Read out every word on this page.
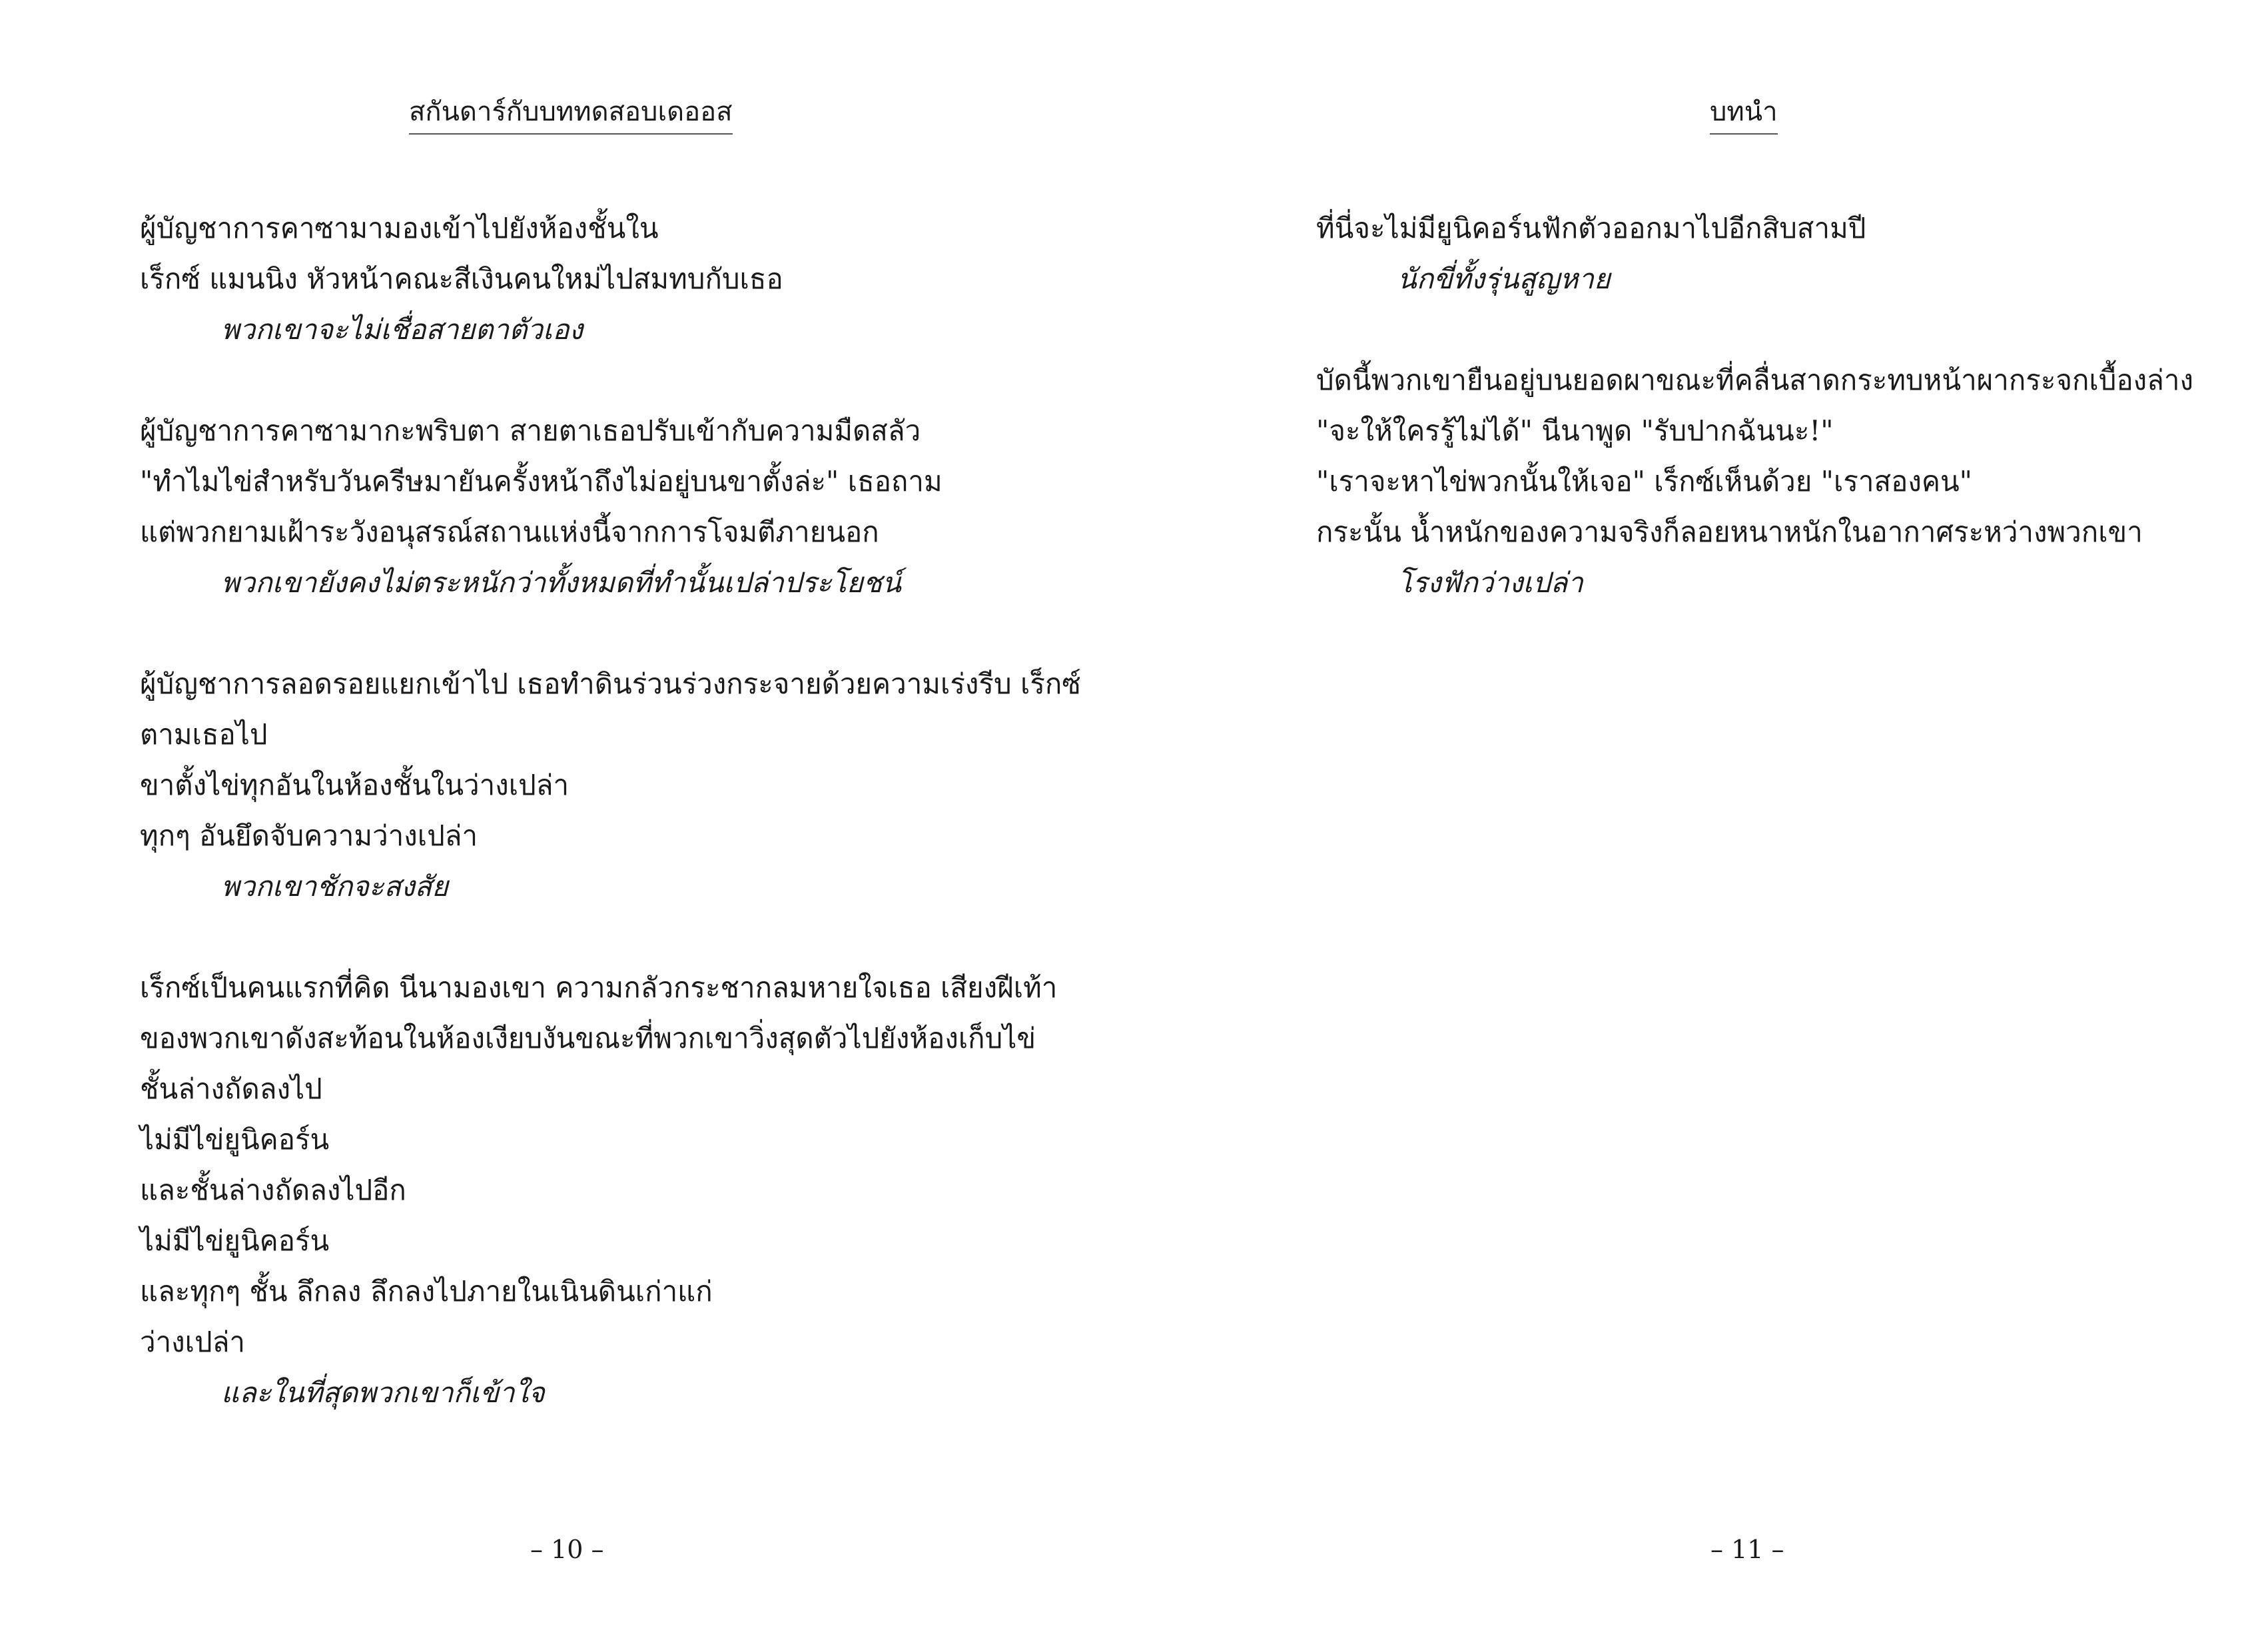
สกันดาร์กับบททดสอบเดออส
ผู้บัญชาการคาซามามองเข้าไปยังห้องชั้นใน
เร็กซ์ แมนนิง หัวหน้าคณะสีเงินคนใหม่ไปสมทบกับเธอ
พวกเขาจะไม่เชื่อสายตาตัวเอง
ผู้บัญชาการคาซามากะพริบตา สายตาเธอปรับเข้ากับความมืดสลัว
"ทำไมไข่สำหรับวันครีษมายันครั้งหน้าถึงไม่อยู่บนขาตั้งล่ะ" เธอถาม
แต่พวกยามเฝ้าระวังอนุสรณ์สถานแห่งนี้จากการโจมตีภายนอก
พวกเขายังคงไม่ตระหนักว่าทั้งหมดที่ทำนั้นเปล่าประโยชน์
ผู้บัญชาการลอดรอยแยกเข้าไป เธอทำดินร่วนร่วงกระจายด้วยความเร่งรีบ เร็กซ์
ตามเธอไป
ขาตั้งไข่ทุกอันในห้องชั้นในว่างเปล่า
ทุกๆ อันยึดจับความว่างเปล่า
พวกเขาชักจะสงสัย
เร็กซ์เป็นคนแรกที่คิด นีนามองเขา ความกลัวกระชากลมหายใจเธอ เสียงฝีเท้า
ของพวกเขาดังสะท้อนในห้องเงียบงันขณะที่พวกเขาวิ่งสุดตัวไปยังห้องเก็บไข่
ชั้นล่างถัดลงไป
ไม่มีไข่ยูนิคอร์น
และชั้นล่างถัดลงไปอีก
ไม่มีไข่ยูนิคอร์น
และทุกๆ ชั้น ลึกลง ลึกลงไปภายในเนินดินเก่าแก่
ว่างเปล่า
และในที่สุดพวกเขาก็เข้าใจ
– 10 –
บทนำ
ที่นี่จะไม่มียูนิคอร์นฟักตัวออกมาไปอีกสิบสามปี
นักขี่ทั้งรุ่นสูญหาย
บัดนี้พวกเขายืนอยู่บนยอดผาขณะที่คลื่นสาดกระทบหน้าผากระจกเบื้องล่าง
"จะให้ใครรู้ไม่ได้" นีนาพูด "รับปากฉันนะ!"
"เราจะหาไข่พวกนั้นให้เจอ" เร็กซ์เห็นด้วย "เราสองคน"
กระนั้น น้ำหนักของความจริงก็ลอยหนาหนักในอากาศระหว่างพวกเขา
โรงฟักว่างเปล่า
– 11 –
